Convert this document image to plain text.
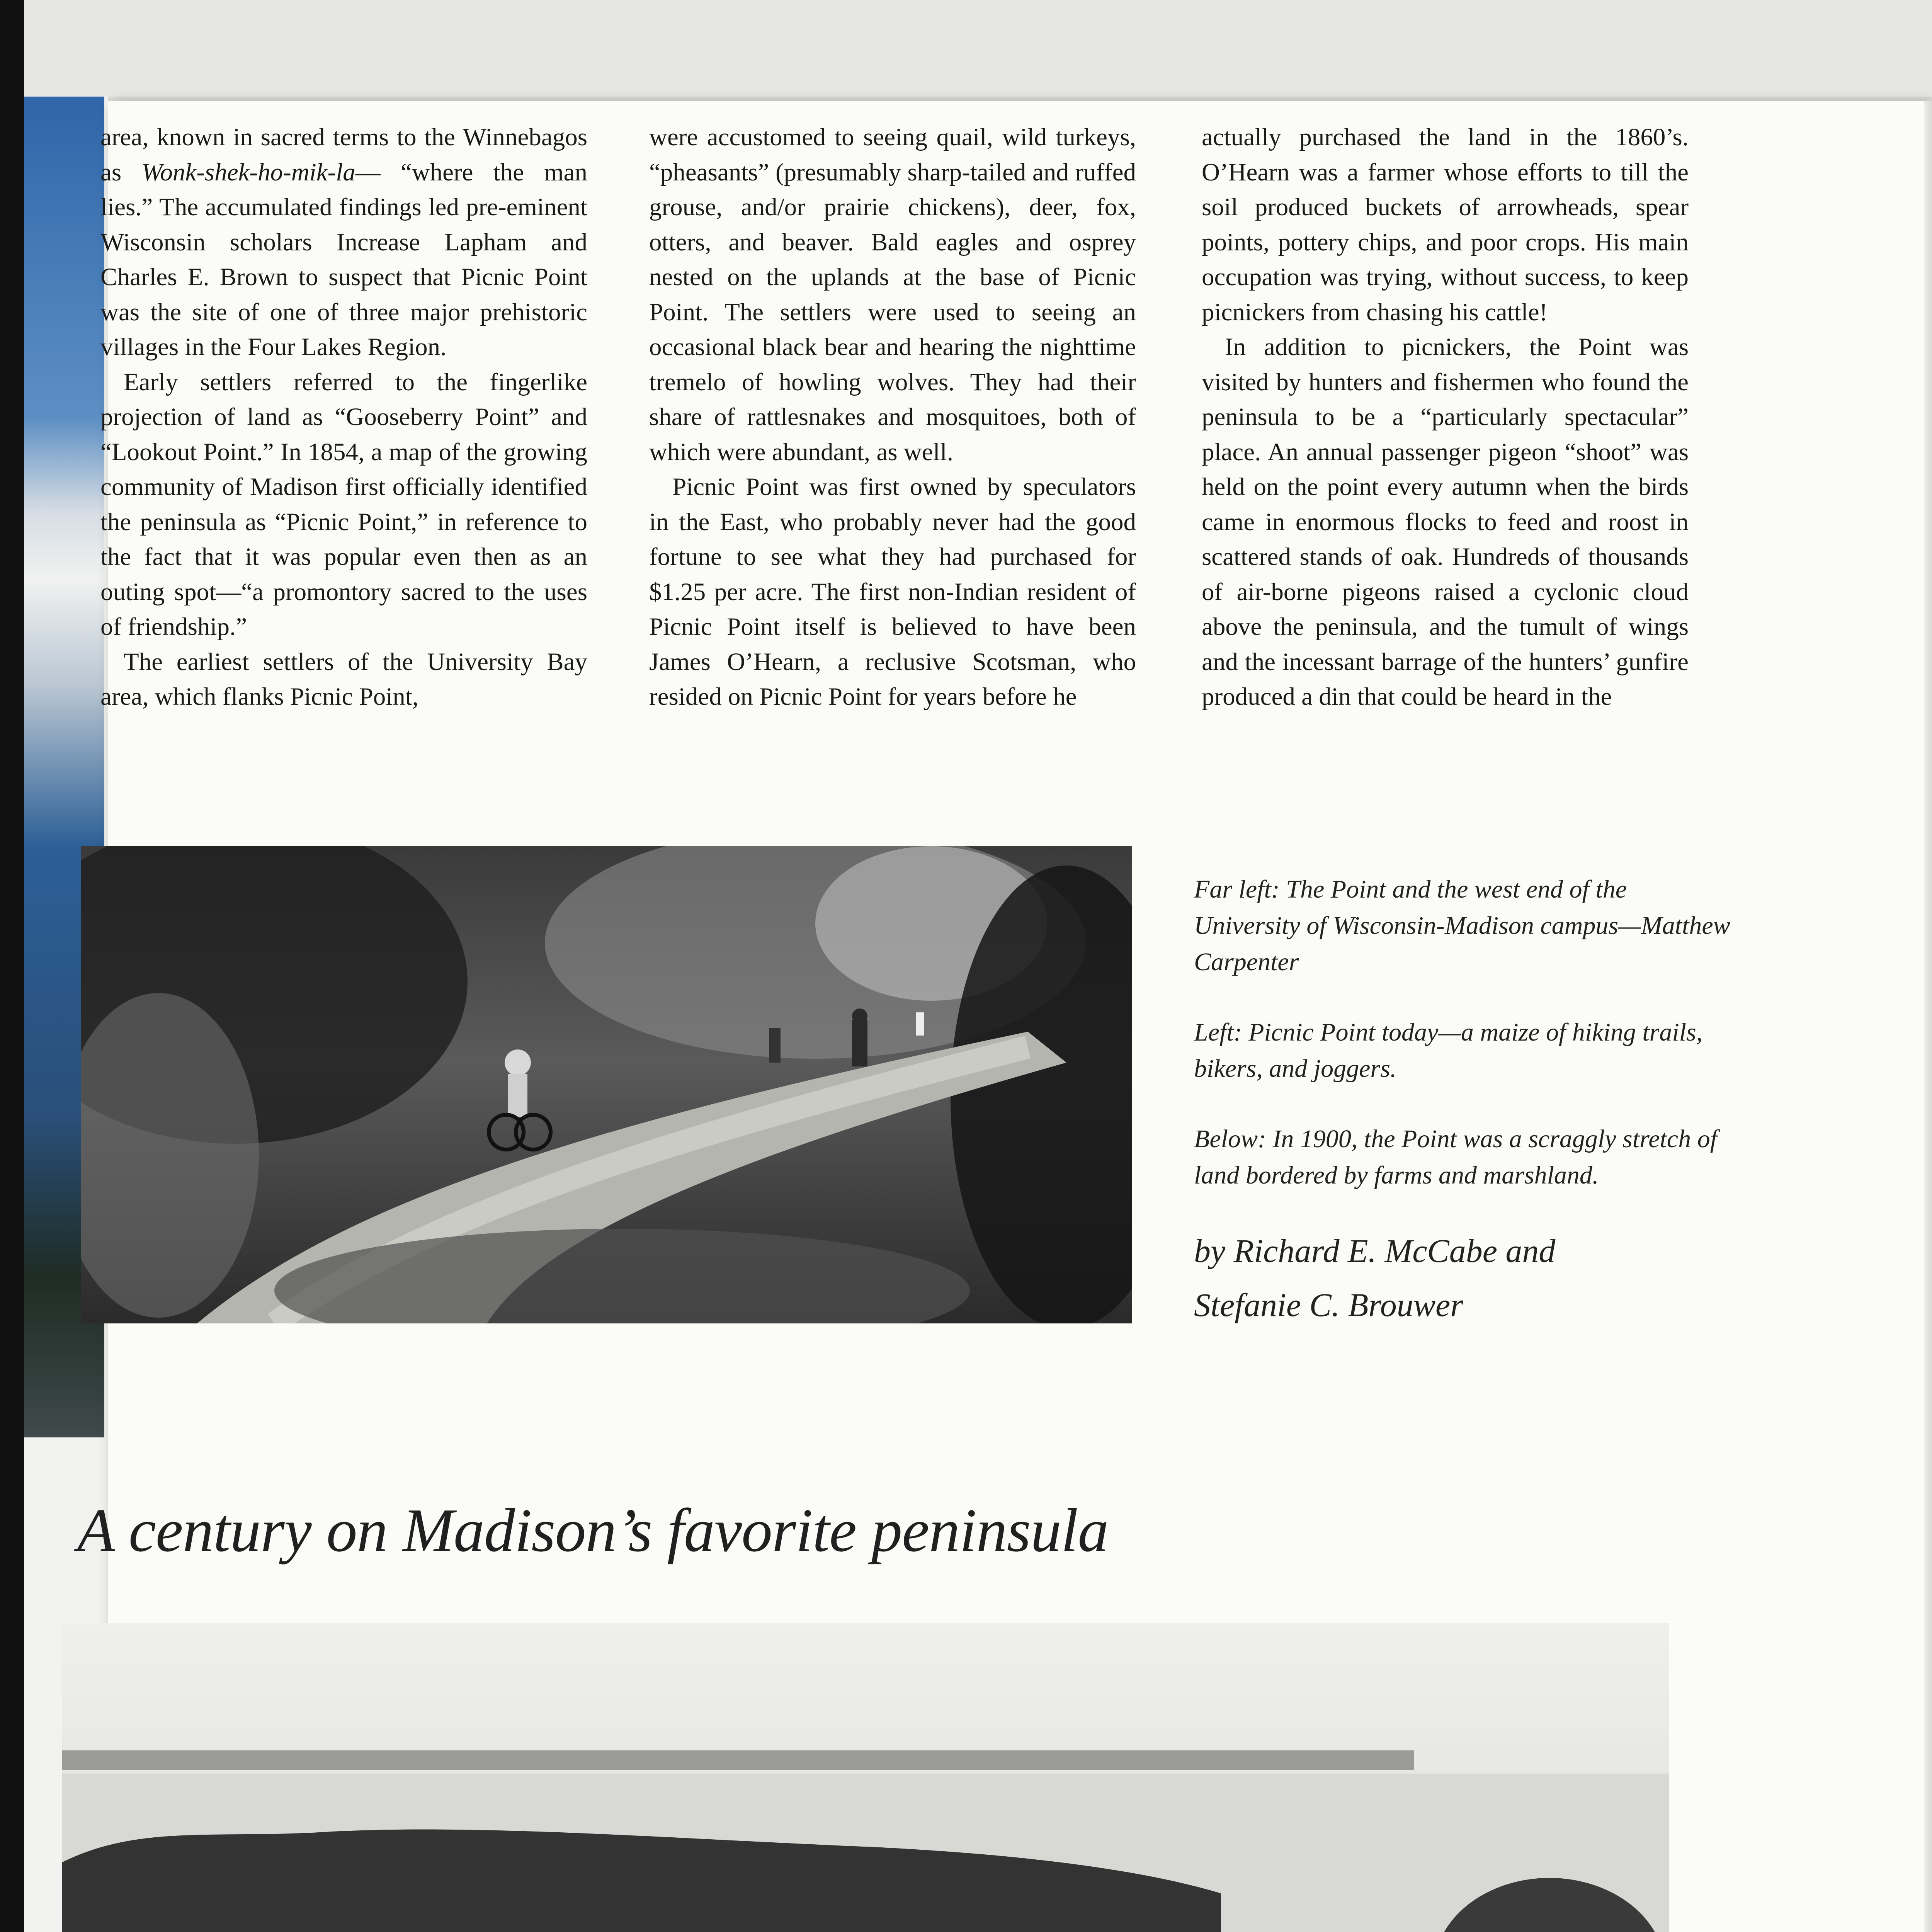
area, known in sacred terms to the Winnebagos as Wonk-shek-ho-mik-la— “where the man lies.” The accumulated findings led pre-eminent Wisconsin scholars Increase Lapham and Charles E. Brown to suspect that Picnic Point was the site of one of three major prehistoric villages in the Four Lakes Region.

Early settlers referred to the fingerlike projection of land as “Gooseberry Point” and “Lookout Point.” In 1854, a map of the growing community of Madison first officially identified the peninsula as “Picnic Point,” in reference to the fact that it was popular even then as an outing spot—“a promontory sacred to the uses of friendship.”

The earliest settlers of the University Bay area, which flanks Picnic Point,

were accustomed to seeing quail, wild turkeys, “pheasants” (presumably sharp-tailed and ruffed grouse, and/or prairie chickens), deer, fox, otters, and beaver. Bald eagles and osprey nested on the uplands at the base of Picnic Point. The settlers were used to seeing an occasional black bear and hearing the nighttime tremelo of howling wolves. They had their share of rattlesnakes and mosquitoes, both of which were abundant, as well.

Picnic Point was first owned by speculators in the East, who probably never had the good fortune to see what they had purchased for $1.25 per acre. The first non-Indian resident of Picnic Point itself is believed to have been James O’Hearn, a reclusive Scotsman, who resided on Picnic Point for years before he

actually purchased the land in the 1860’s. O’Hearn was a farmer whose efforts to till the soil produced buckets of arrowheads, spear points, pottery chips, and poor crops. His main occupation was trying, without success, to keep picnickers from chasing his cattle!

In addition to picnickers, the Point was visited by hunters and fishermen who found the peninsula to be a “particularly spectacular” place. An annual passenger pigeon “shoot” was held on the point every autumn when the birds came in enormous flocks to feed and roost in scattered stands of oak. Hundreds of thousands of air-borne pigeons raised a cyclonic cloud above the peninsula, and the tumult of wings and the incessant barrage of the hunters’ gunfire produced a din that could be heard in the

Far left: The Point and the west end of the University of Wisconsin-Madison campus—Matthew Carpenter

Left: Picnic Point today—a maize of hiking trails, bikers, and joggers.

Below: In 1900, the Point was a scraggly stretch of land bordered by farms and marshland.

by Richard E. McCabe and
Stefanie C. Brouwer
A century on Madison’s favorite peninsula
